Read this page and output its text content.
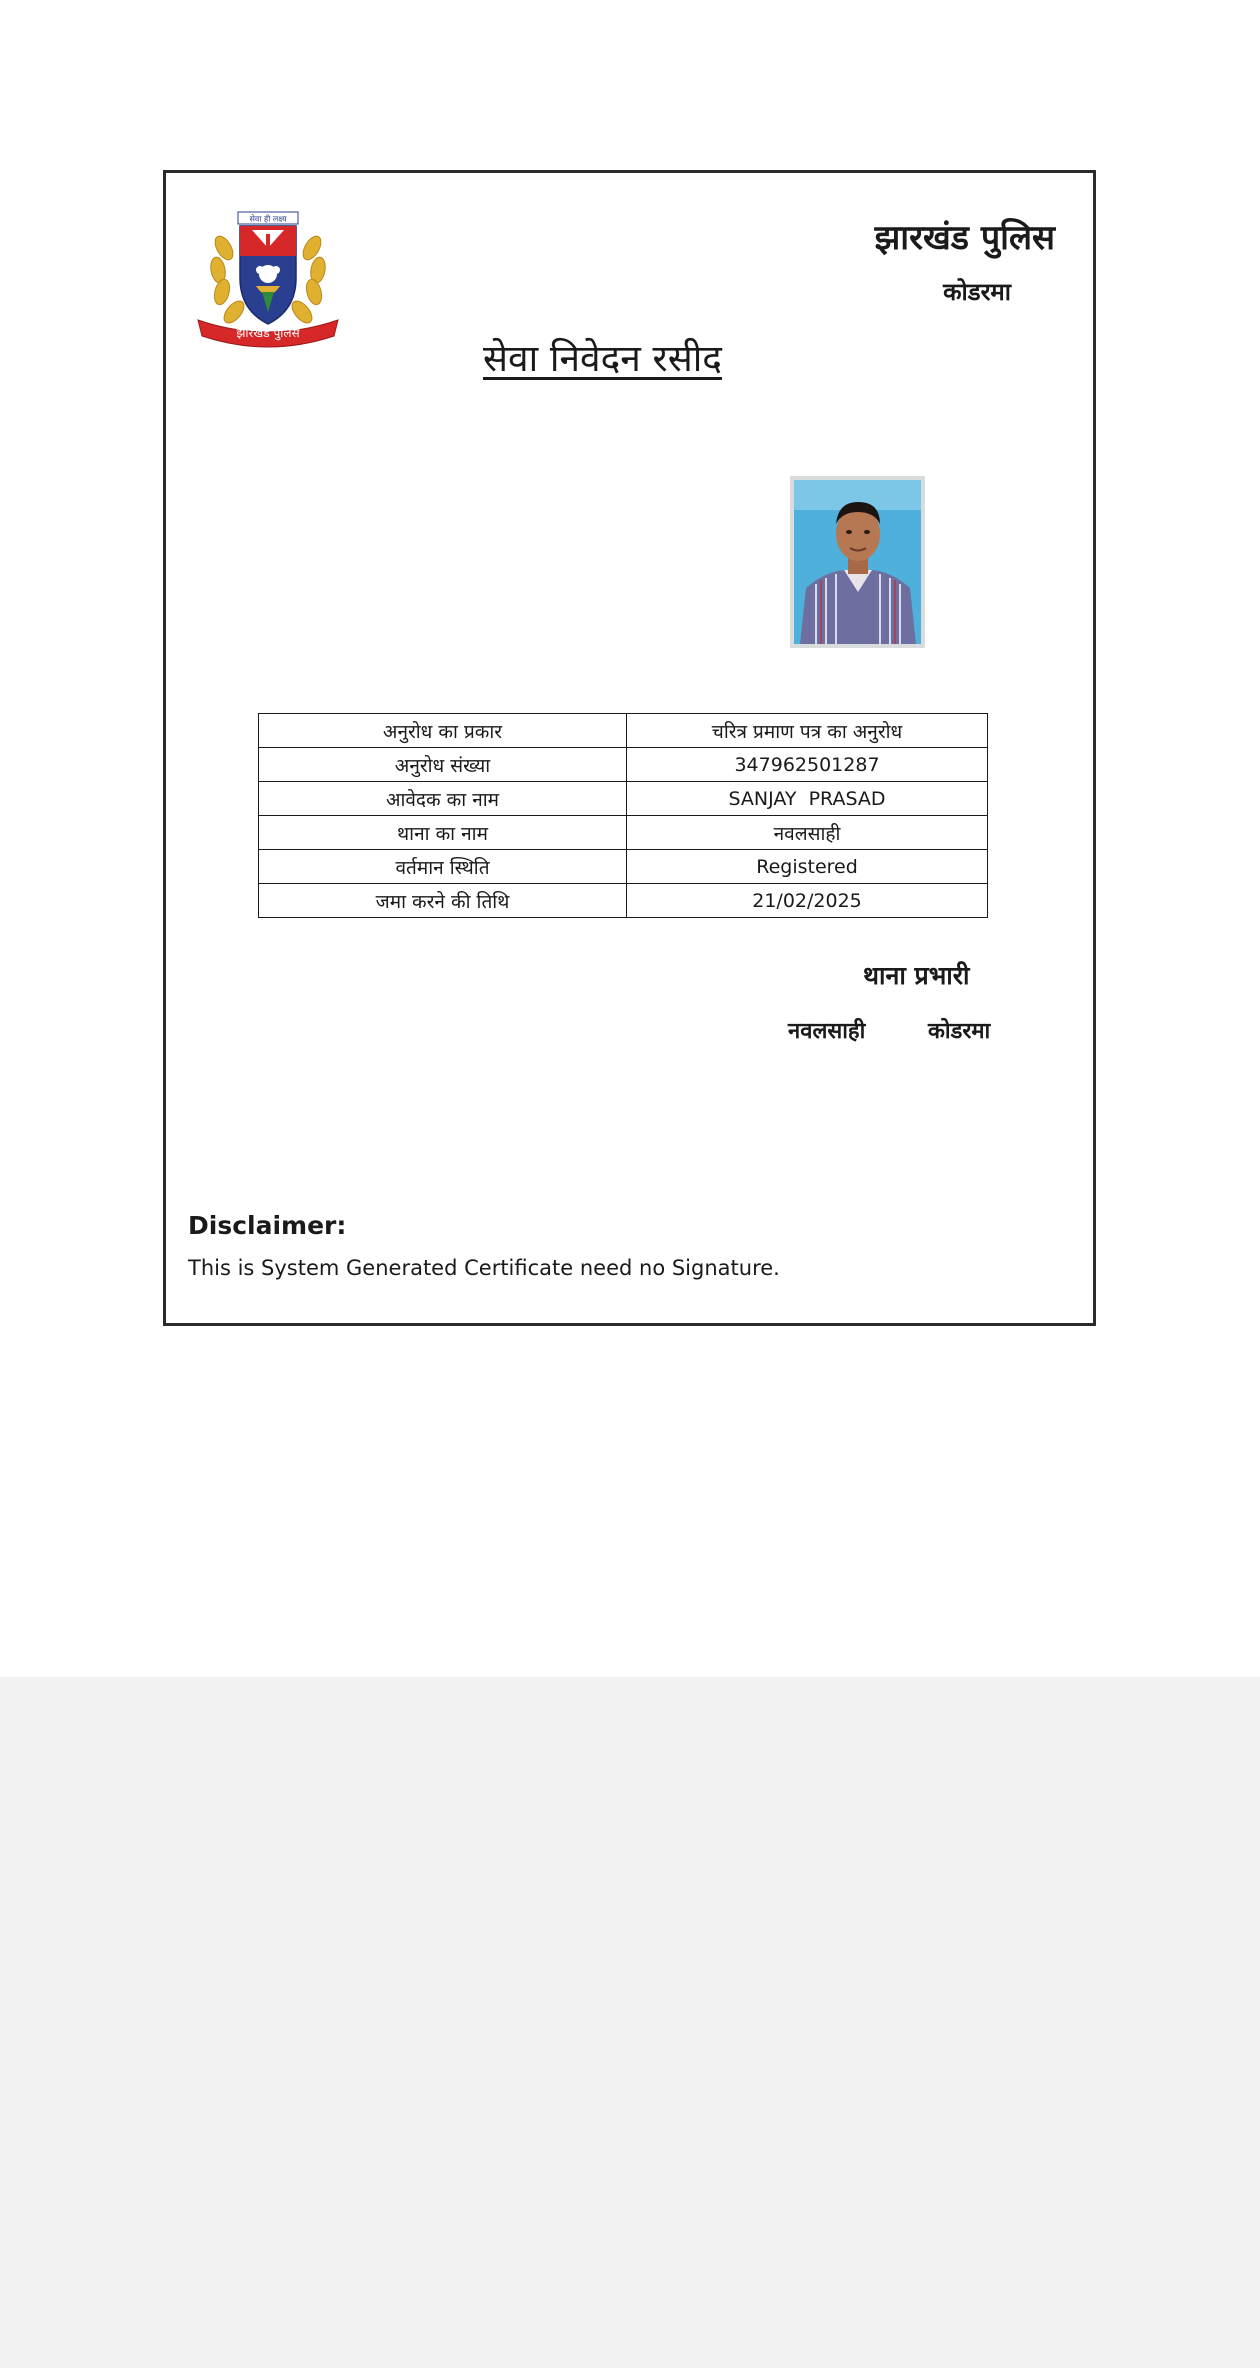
सेवा ही लक्ष्य
झारखंड पुलिस
झारखंड पुलिस
कोडरमा
सेवा निवेदन रसीद
अनुरोध का प्रकार	चरित्र प्रमाण पत्र का अनुरोध
अनुरोध संख्या	347962501287
आवेदक का नाम	SANJAY  PRASAD
थाना का नाम	नवलसाही
वर्तमान स्थिति	Registered
जमा करने की तिथि	21/02/2025
थाना प्रभारी
नवलसाही	कोडरमा
Disclaimer:
This is System Generated Certificate need no Signature.
